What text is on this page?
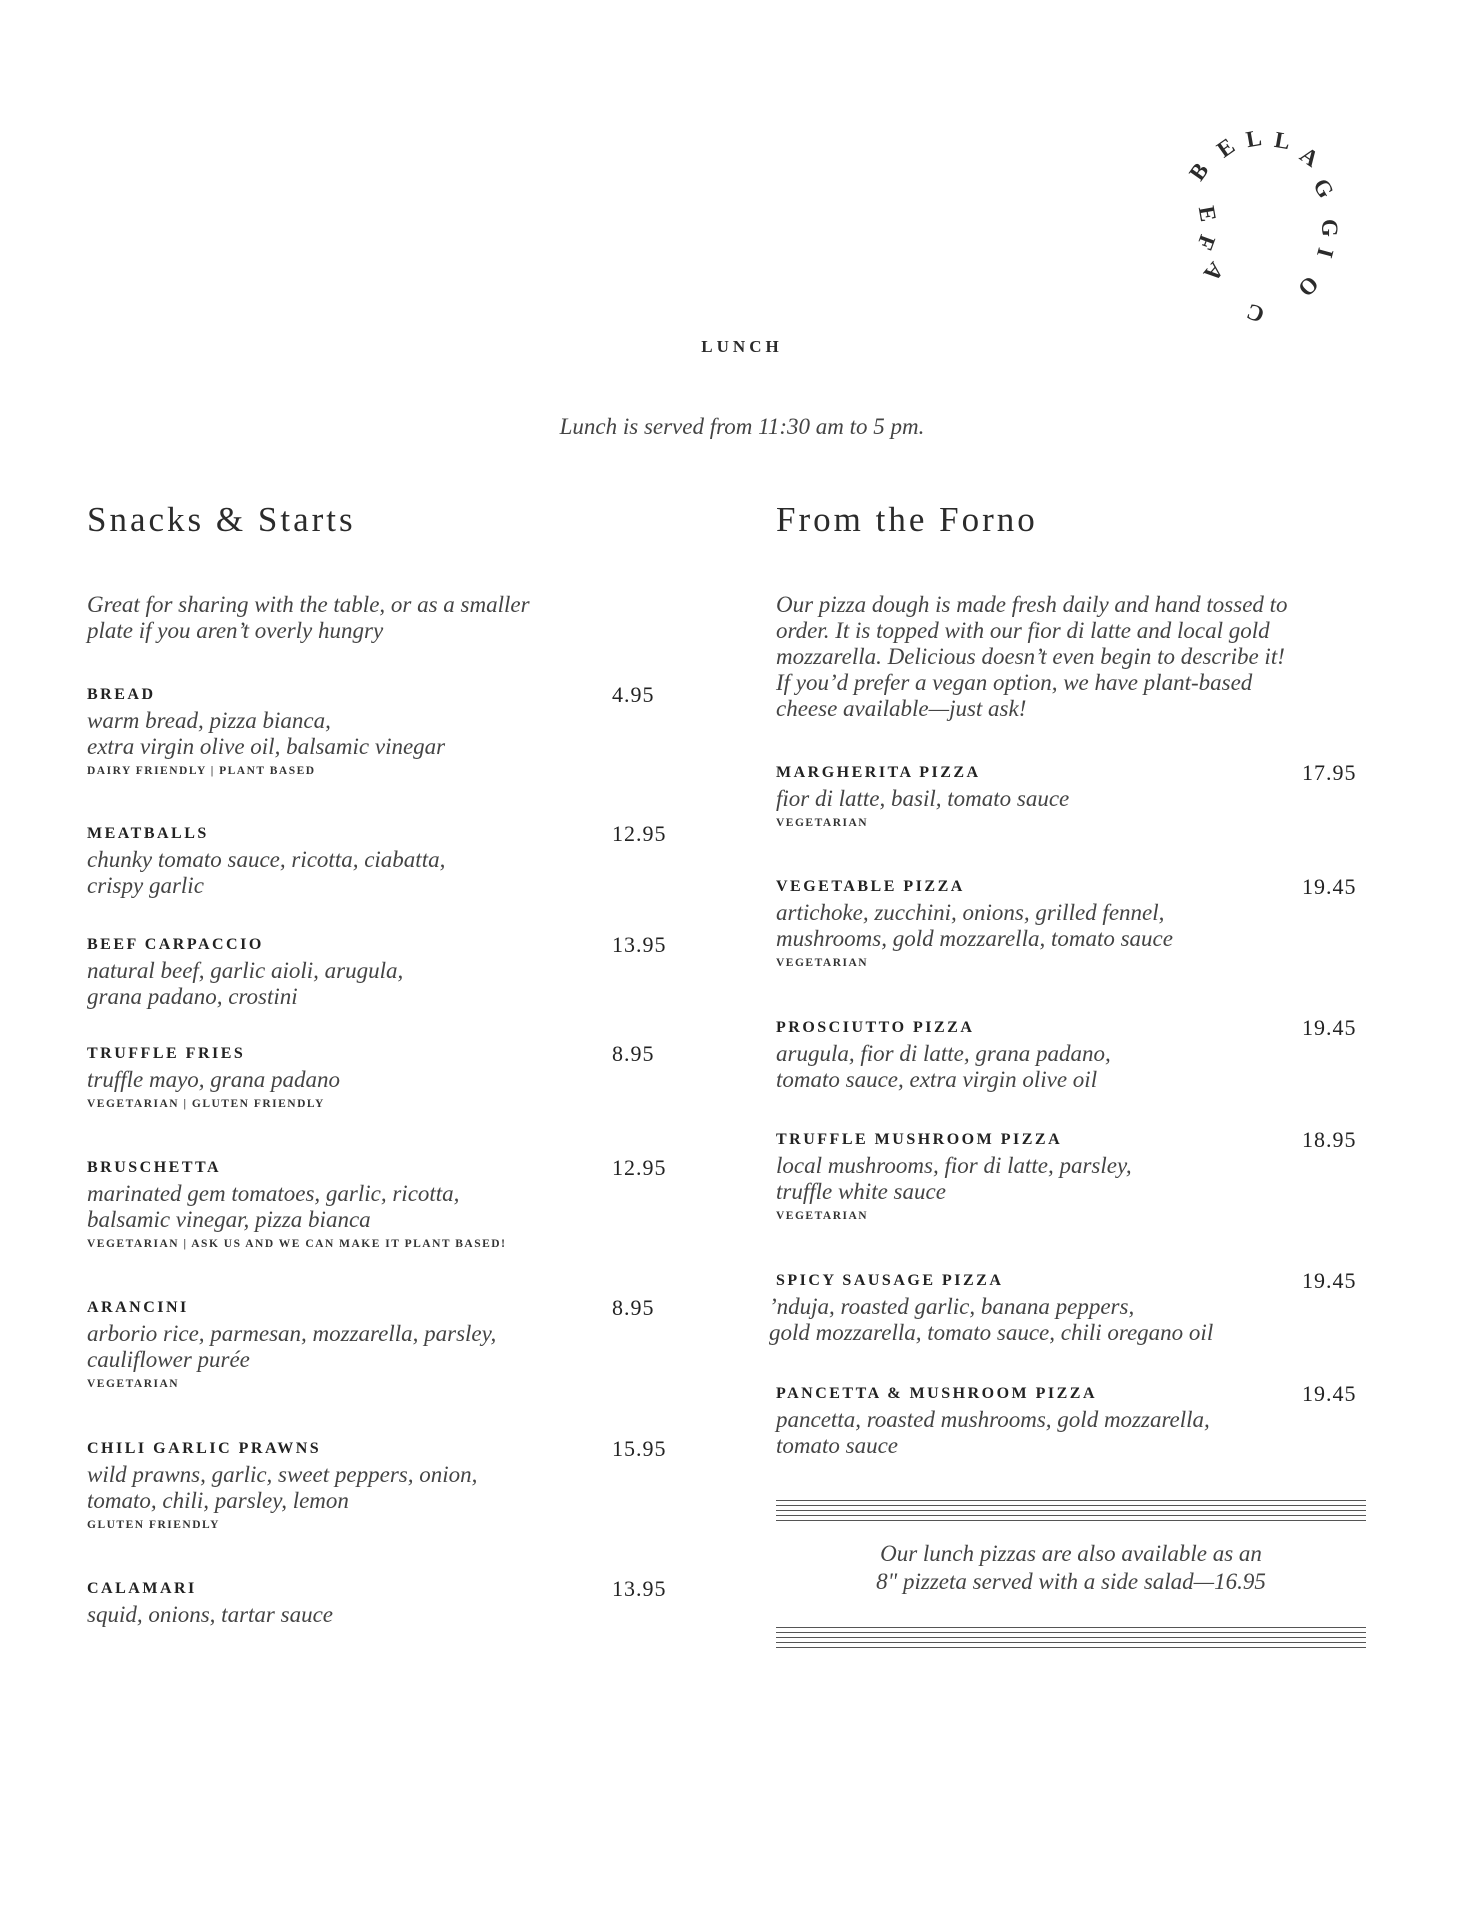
C
A
F
E
B
E L L
A
G
G
I
O
LUNCH
Lunch is served from 11:30 am to 5 pm.
Snacks & Starts
Great for sharing with the table, or as a smaller
plate if you aren’t overly hungry
BREAD	4.95
warm bread, pizza bianca,
extra virgin olive oil, balsamic vinegar
DAIRY FRIENDLY | PLANT BASED
MEATBALLS	12.95
chunky tomato sauce, ricotta, ciabatta,
crispy garlic
BEEF CARPACCIO	13.95
natural beef, garlic aioli, arugula,
grana padano, crostini
TRUFFLE FRIES	8.95
truffle mayo, grana padano
VEGETARIAN | GLUTEN FRIENDLY
BRUSCHETTA	12.95
marinated gem tomatoes, garlic, ricotta,
balsamic vinegar, pizza bianca
VEGETARIAN | ASK US AND WE CAN MAKE IT PLANT BASED!
ARANCINI	8.95
arborio rice, parmesan, mozzarella, parsley,
cauliflower purée
VEGETARIAN
CHILI GARLIC PRAWNS	15.95
wild prawns, garlic, sweet peppers, onion,
tomato, chili, parsley, lemon
GLUTEN FRIENDLY
CALAMARI	13.95
squid, onions, tartar sauce
From the Forno
Our pizza dough is made fresh daily and hand tossed to
order. It is topped with our fior di latte and local gold
mozzarella. Delicious doesn’t even begin to describe it!
If you’d prefer a vegan option, we have plant-based
cheese available—just ask!
MARGHERITA PIZZA	17.95
fior di latte, basil, tomato sauce
VEGETARIAN
VEGETABLE PIZZA	19.45
artichoke, zucchini, onions, grilled fennel,
mushrooms, gold mozzarella, tomato sauce
VEGETARIAN
PROSCIUTTO PIZZA	19.45
arugula, fior di latte, grana padano,
tomato sauce, extra virgin olive oil
TRUFFLE MUSHROOM PIZZA	18.95
local mushrooms, fior di latte, parsley,
truffle white sauce
VEGETARIAN
SPICY SAUSAGE PIZZA	19.45
’nduja, roasted garlic, banana peppers,
gold mozzarella, tomato sauce, chili oregano oil
PANCETTA & MUSHROOM PIZZA	19.45
pancetta, roasted mushrooms, gold mozzarella,
tomato sauce
Our lunch pizzas are also available as an
8" pizzeta served with a side salad—16.95
